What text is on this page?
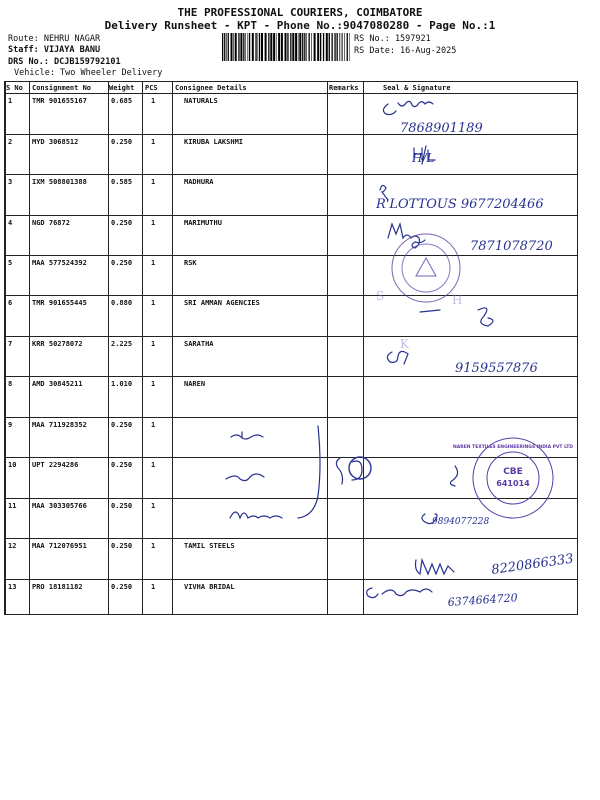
THE PROFESSIONAL COURIERS, COIMBATORE
Delivery Runsheet - KPT - Phone No.:9047080280 - Page No.:1
Route: NEHRU NAGAR
Staff: VIJAYA BANU
DRS No.: DCJB159792101
Vehicle: Two Wheeler Delivery
RS No.: 1597921
RS Date: 16-Aug-2025
S No Consignment No	Weight PCS Consignee Details	Remarks	Seal & Signature
1	TMR 901655167	0.685	1	NATURALS
2	MYD 3068512	0.250	1	KIRUBA LAKSHMI
3	IXM 508801388	0.585	1	MADHURA
4	NGD 76872	0.250	1	MARIMUTHU
5	MAA 577524392	0.250	1	RSK
6	TMR 901655445	0.880	1	SRI AMMAN AGENCIES
7	KRR 50278072	2.225	1	SARATHA
8	AMD 30845211	1.010	1	NAREN
9	MAA 711928352	0.250	1
10 UPT 2294286	0.250	1
11 MAA 303305766	0.250	1
12 MAA 712076951	0.250	1	TAMIL STEELS
13 PRO 18181182	0.250	1	VIVHA BRIDAL
S	H
K
7868901189
H/L
R'LOTTOUS 9677204466
7871078720
9159557876
9894077228
8220866333
6374664720
CBE
641014
NAREN TEXTILES ENGINEERINGS INDIA PVT LTD
